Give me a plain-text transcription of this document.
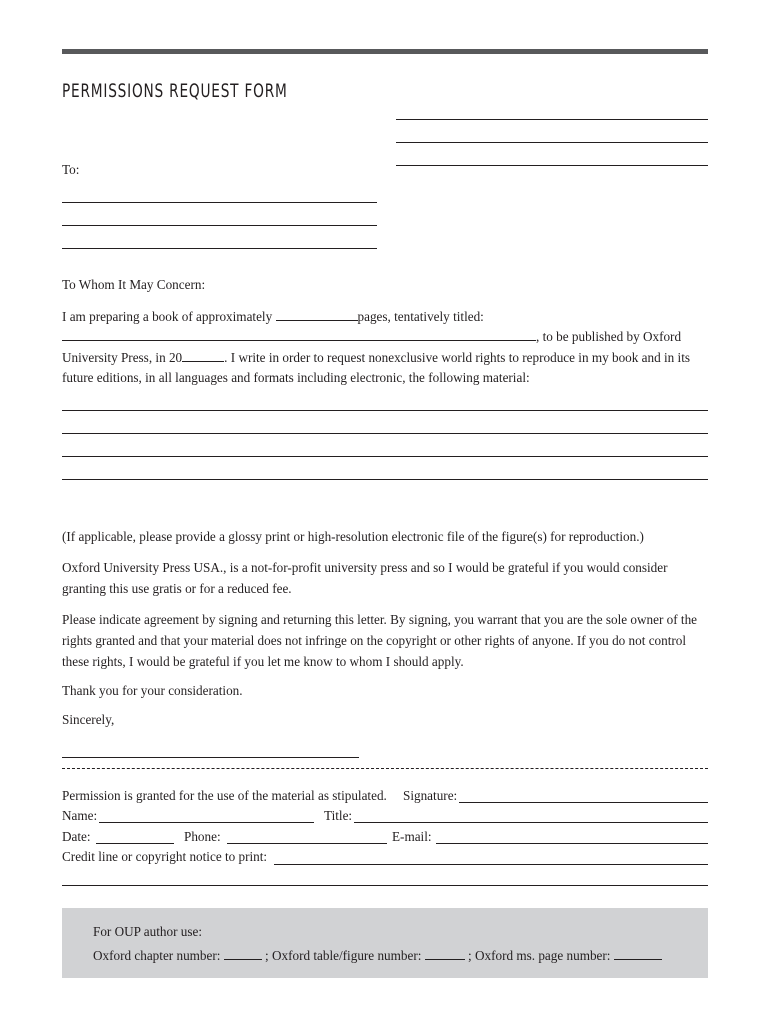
PERMISSIONS REQUEST FORM
To:
To Whom It May Concern:
I am preparing a book of approximately	pages, tentatively titled:
, to be published by Oxford
University Press, in 20	. I write in order to request nonexclusive world rights to reproduce in my book and in its
future editions, in all languages and formats including electronic, the following material:
(If applicable, please provide a glossy print or high-resolution electronic file of the figure(s) for reproduction.)
Oxford University Press USA., is a not-for-profit university press and so I would be grateful if you would consider granting this use gratis or for a reduced fee.
Please indicate agreement by signing and returning this letter. By signing, you warrant that you are the sole owner of the rights granted and that your material does not infringe on the copyright or other rights of anyone. If you do not control these rights, I would be grateful if you let me know to whom I should apply.
Thank you for your consideration.
Sincerely,
Permission is granted for the use of the material as stipulated. Signature:
Name:	Title:
Date:	Phone:	E-mail:
Credit line or copyright notice to print:
For OUP author use:
Oxford chapter number:	; Oxford table/figure number:	; Oxford ms. page number:
